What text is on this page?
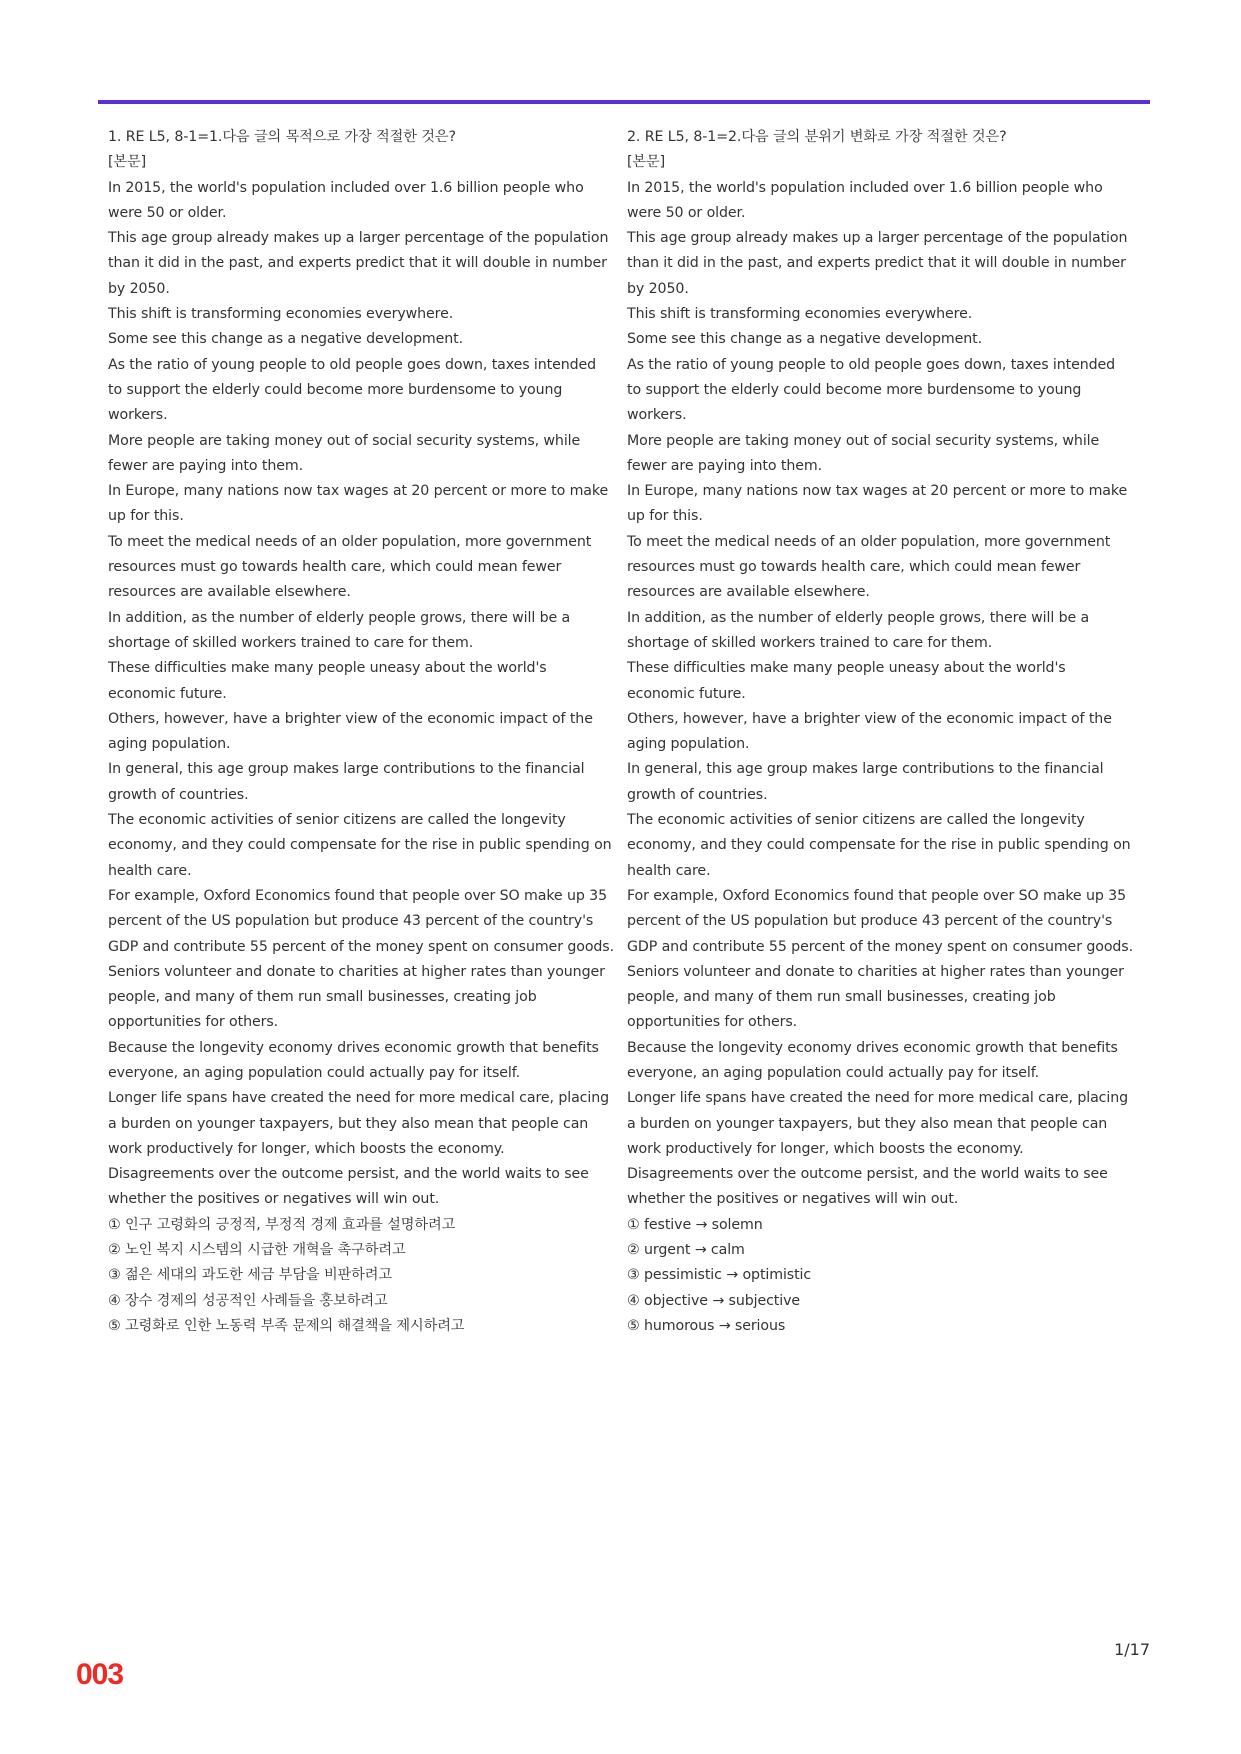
1. RE L5, 8-1=1.다음 글의 목적으로 가장 적절한 것은?

[본문]

In 2015, the world's population included over 1.6 billion people who were 50 or older.

This age group already makes up a larger percentage of the population than it did in the past, and experts predict that it will double in number by 2050.

This shift is transforming economies everywhere.

Some see this change as a negative development.

As the ratio of young people to old people goes down, taxes intended to support the elderly could become more burdensome to young workers.

More people are taking money out of social security systems, while fewer are paying into them.

In Europe, many nations now tax wages at 20 percent or more to make up for this.

To meet the medical needs of an older population, more government resources must go towards health care, which could mean fewer resources are available elsewhere.

In addition, as the number of elderly people grows, there will be a shortage of skilled workers trained to care for them.

These difficulties make many people uneasy about the world's economic future.

Others, however, have a brighter view of the economic impact of the aging population.

In general, this age group makes large contributions to the financial growth of countries.

The economic activities of senior citizens are called the longevity economy, and they could compensate for the rise in public spending on health care.

For example, Oxford Economics found that people over SO make up 35 percent of the US population but produce 43 percent of the country's GDP and contribute 55 percent of the money spent on consumer goods.

Seniors volunteer and donate to charities at higher rates than younger people, and many of them run small businesses, creating job opportunities for others.

Because the longevity economy drives economic growth that benefits everyone, an aging population could actually pay for itself.

Longer life spans have created the need for more medical care, placing a burden on younger taxpayers, but they also mean that people can work productively for longer, which boosts the economy.

Disagreements over the outcome persist, and the world waits to see whether the positives or negatives will win out.

① 인구 고령화의 긍정적, 부정적 경제 효과를 설명하려고

② 노인 복지 시스템의 시급한 개혁을 촉구하려고

③ 젊은 세대의 과도한 세금 부담을 비판하려고

④ 장수 경제의 성공적인 사례들을 홍보하려고

⑤ 고령화로 인한 노동력 부족 문제의 해결책을 제시하려고

2. RE L5, 8-1=2.다음 글의 분위기 변화로 가장 적절한 것은?

[본문]

In 2015, the world's population included over 1.6 billion people who were 50 or older.

This age group already makes up a larger percentage of the population than it did in the past, and experts predict that it will double in number by 2050.

This shift is transforming economies everywhere.

Some see this change as a negative development.

As the ratio of young people to old people goes down, taxes intended to support the elderly could become more burdensome to young workers.

More people are taking money out of social security systems, while fewer are paying into them.

In Europe, many nations now tax wages at 20 percent or more to make up for this.

To meet the medical needs of an older population, more government resources must go towards health care, which could mean fewer resources are available elsewhere.

In addition, as the number of elderly people grows, there will be a shortage of skilled workers trained to care for them.

These difficulties make many people uneasy about the world's economic future.

Others, however, have a brighter view of the economic impact of the aging population.

In general, this age group makes large contributions to the financial growth of countries.

The economic activities of senior citizens are called the longevity economy, and they could compensate for the rise in public spending on health care.

For example, Oxford Economics found that people over SO make up 35 percent of the US population but produce 43 percent of the country's GDP and contribute 55 percent of the money spent on consumer goods.

Seniors volunteer and donate to charities at higher rates than younger people, and many of them run small businesses, creating job opportunities for others.

Because the longevity economy drives economic growth that benefits everyone, an aging population could actually pay for itself.

Longer life spans have created the need for more medical care, placing a burden on younger taxpayers, but they also mean that people can work productively for longer, which boosts the economy.

Disagreements over the outcome persist, and the world waits to see whether the positives or negatives will win out.

① festive → solemn

② urgent → calm

③ pessimistic → optimistic

④ objective → subjective

⑤ humorous → serious

1/17
003
